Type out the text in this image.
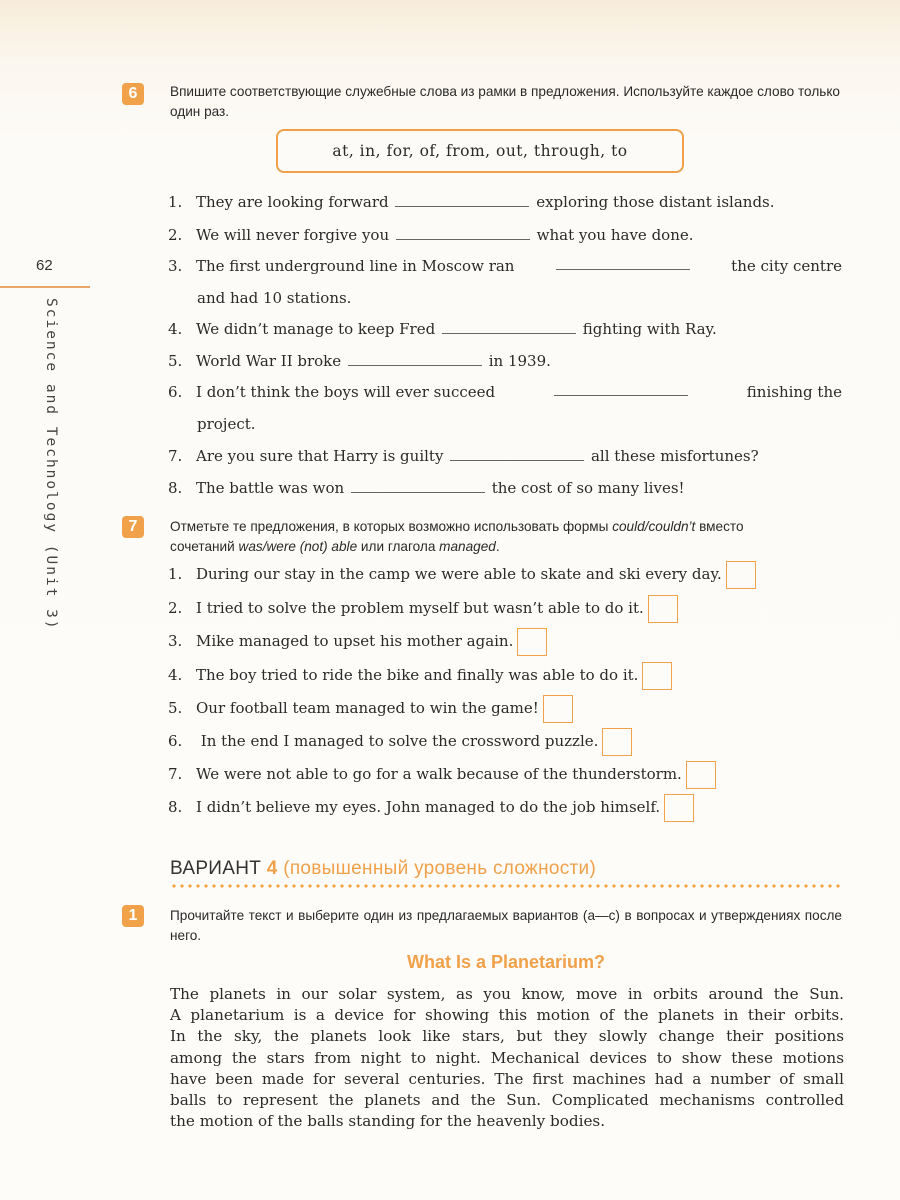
62
Science and Technology (Unit 3)
6	Впишите соответствующие служебные слова из рамки в предложения. Используйте каждое слово только один раз.
at, in, for, of, from, out, through, to
1. They are looking forward	exploring those distant islands.
2. We will never forgive you	what you have done.
3. The first underground line in Moscow ran	the city centre
and had 10 stations.
4. We didn’t manage to keep Fred	fighting with Ray.
5. World War II broke	in 1939.
6. I don’t think the boys will ever succeed	finishing the
project.
7. Are you sure that Harry is guilty	all these misfortunes?
8. The battle was won	the cost of so many lives!
7	Отметьте те предложения, в которых возможно использовать формы could/couldn’t вместо
сочетаний was/were (not) able или глагола managed.
1. During our stay in the camp we were able to skate and ski every day.
2. I tried to solve the problem myself but wasn’t able to do it.
3. Mike managed to upset his mother again.
4. The boy tried to ride the bike and finally was able to do it.
5. Our football team managed to win the game!
6. In the end I managed to solve the crossword puzzle.
7. We were not able to go for a walk because of the thunderstorm.
8. I didn’t believe my eyes. John managed to do the job himself.
ВАРИАНТ 4 (повышенный уровень сложности)
1	Прочитайте текст и выберите один из предлагаемых вариантов (a—c) в вопросах и утверждениях после него.
What Is a Planetarium?
The planets in our solar system, as you know, move in orbits around the Sun.
A planetarium is a device for showing this motion of the planets in their orbits.
In the sky, the planets look like stars, but they slowly change their positions
among the stars from night to night. Mechanical devices to show these motions
have been made for several centuries. The first machines had a number of small
balls to represent the planets and the Sun. Complicated mechanisms controlled
the motion of the balls standing for the heavenly bodies.
